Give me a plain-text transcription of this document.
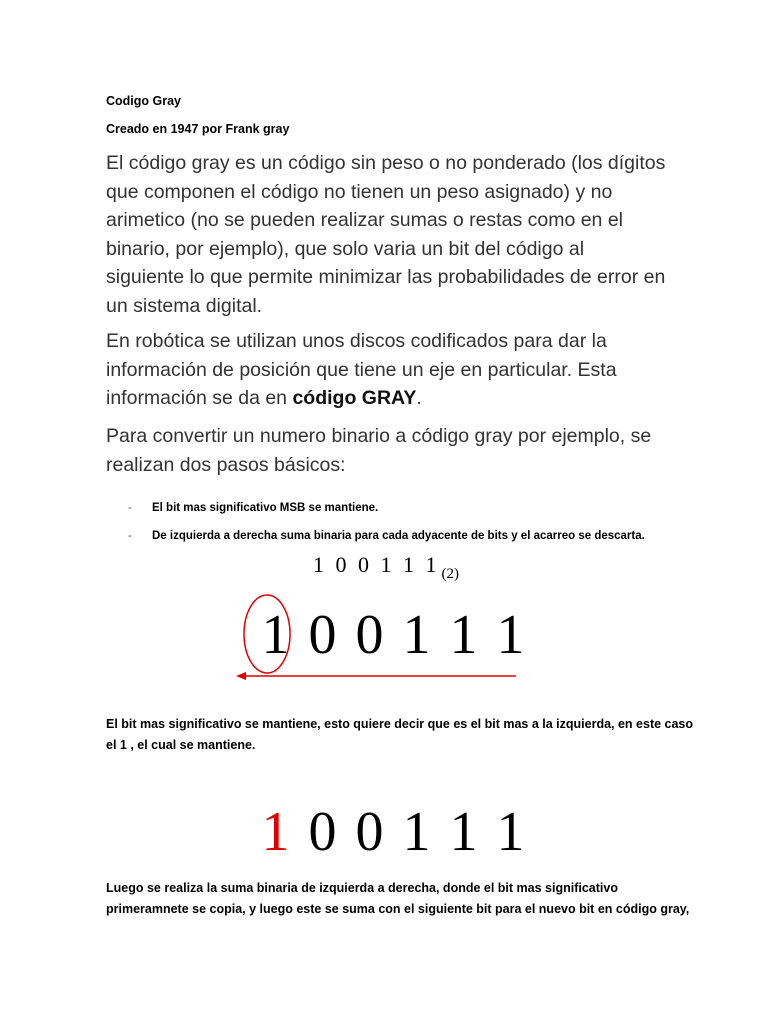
Codigo Gray
Creado en 1947 por Frank gray
El código gray es un código sin peso o no ponderado (los dígitos que componen el código no tienen un peso asignado) y no arimetico (no se pueden realizar sumas o restas como en el binario, por ejemplo), que solo varia un bit del código al siguiente lo que permite minimizar las probabilidades de error en un sistema digital.
En robótica se utilizan unos discos codificados para dar la información de posición que tiene un eje en particular. Esta información se da en código GRAY.
Para convertir un numero binario a código gray por ejemplo, se realizan dos pasos básicos:
- El bit mas significativo MSB se mantiene.
- De izquierda a derecha suma binaria para cada adyacente de bits y el acarreo se descarta.
1 0 0 1 1 1 $_{(2)}$
1 0 0 1 1 1
El bit mas significativo se mantiene, esto quiere decir que es el bit mas a la izquierda, en este caso
el 1 , el cual se mantiene.
1 0 0 1 1 1
Luego se realiza la suma binaria de izquierda a derecha, donde el bit mas significativo
primeramnete se copia, y luego este se suma con el siguiente bit para el nuevo bit en código gray,
